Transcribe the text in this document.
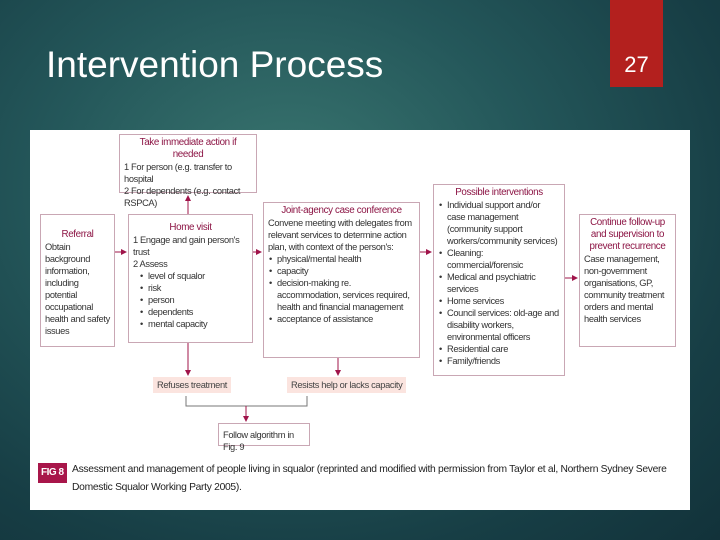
Intervention Process	27
Take immediate action if needed
1 For person (e.g. transfer to hospital
2 For dependents (e.g. contact RSPCA)
Referral
Obtain background information, including potential occupational health and safety issues
Home visit
1 Engage and gain person's trust
2 Assess
• level of squalor
• risk
• person
• dependents
• mental capacity
Joint-agency case conference
Convene meeting with delegates from relevant services to determine action plan, with context of the person's:
• physical/mental health
• capacity
• decision-making re. accommodation, services required, health and financial management
• acceptance of assistance
Possible interventions
• Individual support and/or case management (community support workers/community services)
• Cleaning: commercial/forensic
• Medical and psychiatric services
• Home services
• Council services: old-age and disability workers, environmental officers
• Residential care
• Family/friends
Continue follow-up and supervision to prevent recurrence
Case management, non-government organisations, GP, community treatment orders and mental health services
Refuses treatment	Resists help or lacks capacity
Follow algorithm in Fig. 9
FIG 8 Assessment and management of people living in squalor (reprinted and modified with permission from Taylor et al, Northern Sydney Severe Domestic Squalor Working Party 2005).
